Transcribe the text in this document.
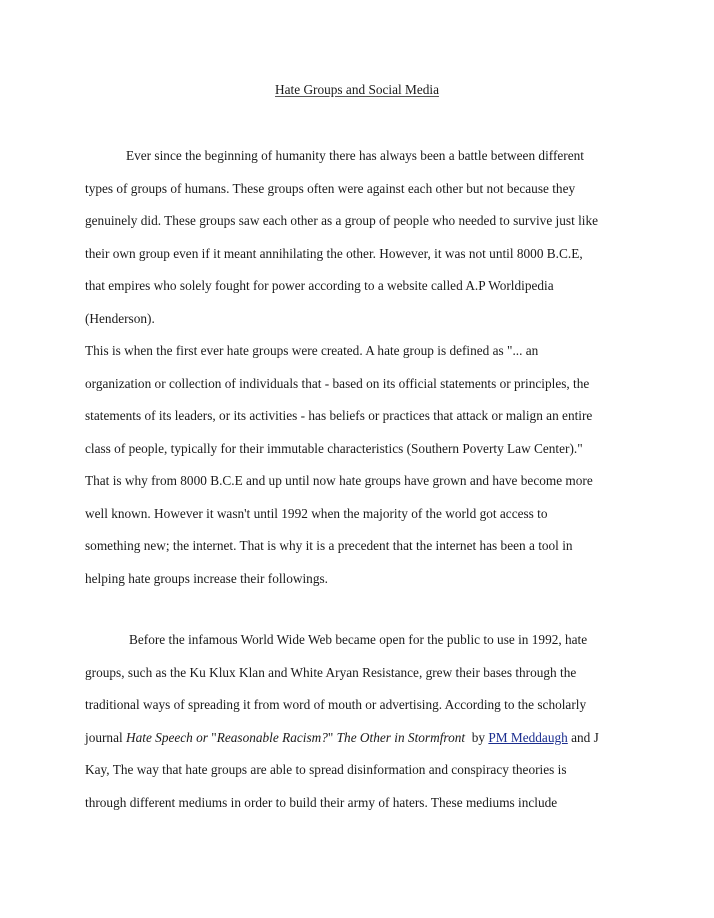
Hate Groups and Social Media
Ever since the beginning of humanity there has always been a battle between different
types of groups of humans. These groups often were against each other but not because they
genuinely did. These groups saw each other as a group of people who needed to survive just like
their own group even if it meant annihilating the other. However, it was not until 8000 B.C.E,
that empires who solely fought for power according to a website called A.P Worldipedia
(Henderson).
This is when the first ever hate groups were created. A hate group is defined as "... an
organization or collection of individuals that - based on its official statements or principles, the
statements of its leaders, or its activities - has beliefs or practices that attack or malign an entire
class of people, typically for their immutable characteristics (Southern Poverty Law Center)."
That is why from 8000 B.C.E and up until now hate groups have grown and have become more
well known. However it wasn't until 1992 when the majority of the world got access to
something new; the internet. That is why it is a precedent that the internet has been a tool in
helping hate groups increase their followings.
Before the infamous World Wide Web became open for the public to use in 1992, hate
groups, such as the Ku Klux Klan and White Aryan Resistance, grew their bases through the
traditional ways of spreading it from word of mouth or advertising. According to the scholarly
journal Hate Speech or "Reasonable Racism?" The Other in Stormfront  by PM Meddaugh and J
Kay, The way that hate groups are able to spread disinformation and conspiracy theories is
through different mediums in order to build their army of haters. These mediums include
